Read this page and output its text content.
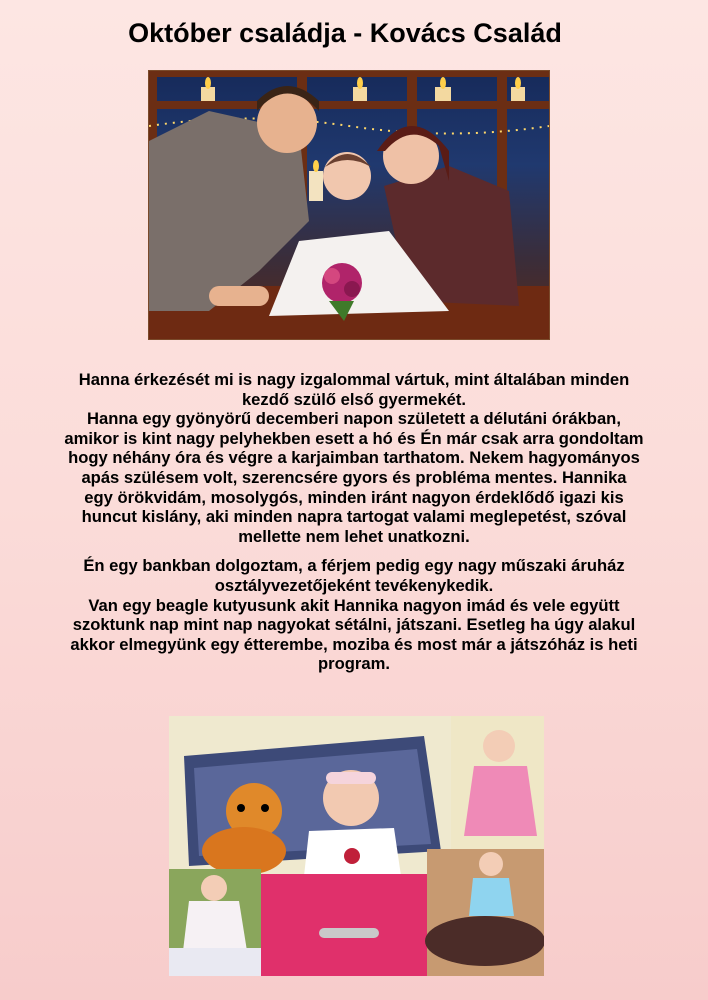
Október családja - Kovács Család

Hanna érkezését mi is nagy izgalommal vártuk, mint általában minden
kezdő szülő első gyermekét.
Hanna egy gyönyörű decemberi napon született a délutáni órákban,
amikor is kint nagy pelyhekben esett a hó és Én már csak arra gondoltam
hogy néhány óra és végre a karjaimban tarthatom. Nekem hagyományos
apás szülésem volt, szerencsére gyors és probléma mentes. Hannika
egy örökvidám, mosolygós, minden iránt nagyon érdeklődő igazi kis
huncut kislány, aki minden napra tartogat valami meglepetést, szóval
mellette nem lehet unatkozni.

Én egy bankban dolgoztam, a férjem pedig egy nagy műszaki áruház
osztályvezetőjeként tevékenykedik.
Van egy beagle kutyusunk akit Hannika nagyon imád és vele együtt
szoktunk nap mint nap nagyokat sétálni, játszani. Esetleg ha úgy alakul
akkor elmegyünk egy étterembe, moziba és most már a játszóház is heti
program.
